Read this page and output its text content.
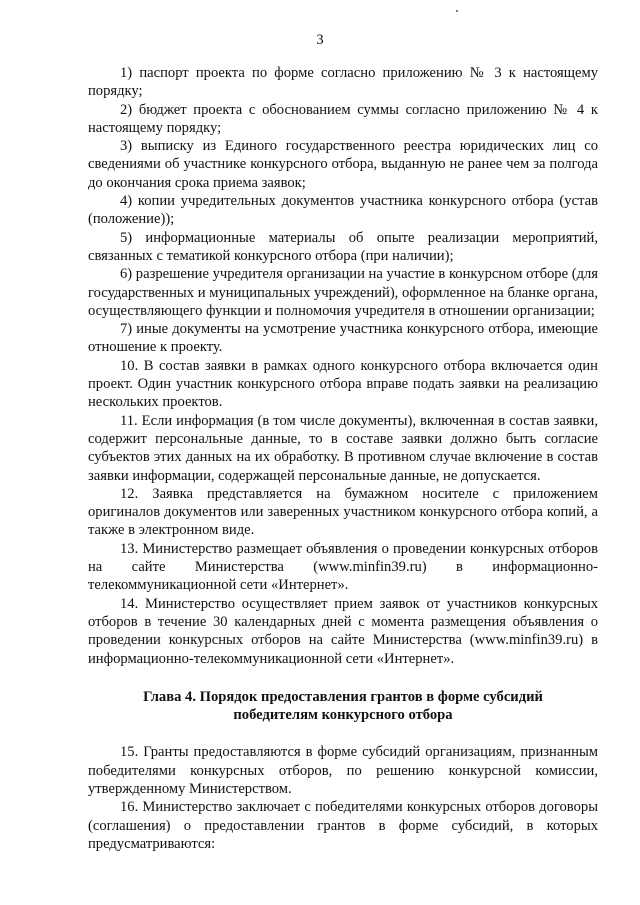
3

1) паспорт проекта по форме согласно приложению № 3 к настоящему порядку;

2) бюджет проекта с обоснованием суммы согласно приложению № 4 к настоящему порядку;

3) выписку из Единого государственного реестра юридических лиц со сведениями об участнике конкурсного отбора, выданную не ранее чем за полгода до окончания срока приема заявок;

4) копии учредительных документов участника конкурсного отбора (устав (положение));

5) информационные материалы об опыте реализации мероприятий, связанных с тематикой конкурсного отбора (при наличии);

6) разрешение учредителя организации на участие в конкурсном отборе (для государственных и муниципальных учреждений), оформленное на бланке органа, осуществляющего функции и полномочия учредителя в отношении организации;

7) иные документы на усмотрение участника конкурсного отбора, имеющие отношение к проекту.

10. В состав заявки в рамках одного конкурсного отбора включается один проект. Один участник конкурсного отбора вправе подать заявки на реализацию нескольких проектов.

11. Если информация (в том числе документы), включенная в состав заявки, содержит персональные данные, то в составе заявки должно быть согласие субъектов этих данных на их обработку. В противном случае включение в состав заявки информации, содержащей персональные данные, не допускается.

12. Заявка представляется на бумажном носителе с приложением оригиналов документов или заверенных участником конкурсного отбора копий, а также в электронном виде.

13. Министерство размещает объявления о проведении конкурсных отборов на сайте Министерства (www.minfin39.ru) в информационно-телекоммуникационной сети «Интернет».

14. Министерство осуществляет прием заявок от участников конкурсных отборов в течение 30 календарных дней с момента размещения объявления о проведении конкурсных отборов на сайте Министерства (www.minfin39.ru) в информационно-телекоммуникационной сети «Интернет».

Глава 4. Порядок предоставления грантов в форме субсидий победителям конкурсного отбора

15. Гранты предоставляются в форме субсидий организациям, признанным победителями конкурсных отборов, по решению конкурсной комиссии, утвержденному Министерством.

16. Министерство заключает с победителями конкурсных отборов договоры (соглашения) о предоставлении грантов в форме субсидий, в которых предусматриваются:
